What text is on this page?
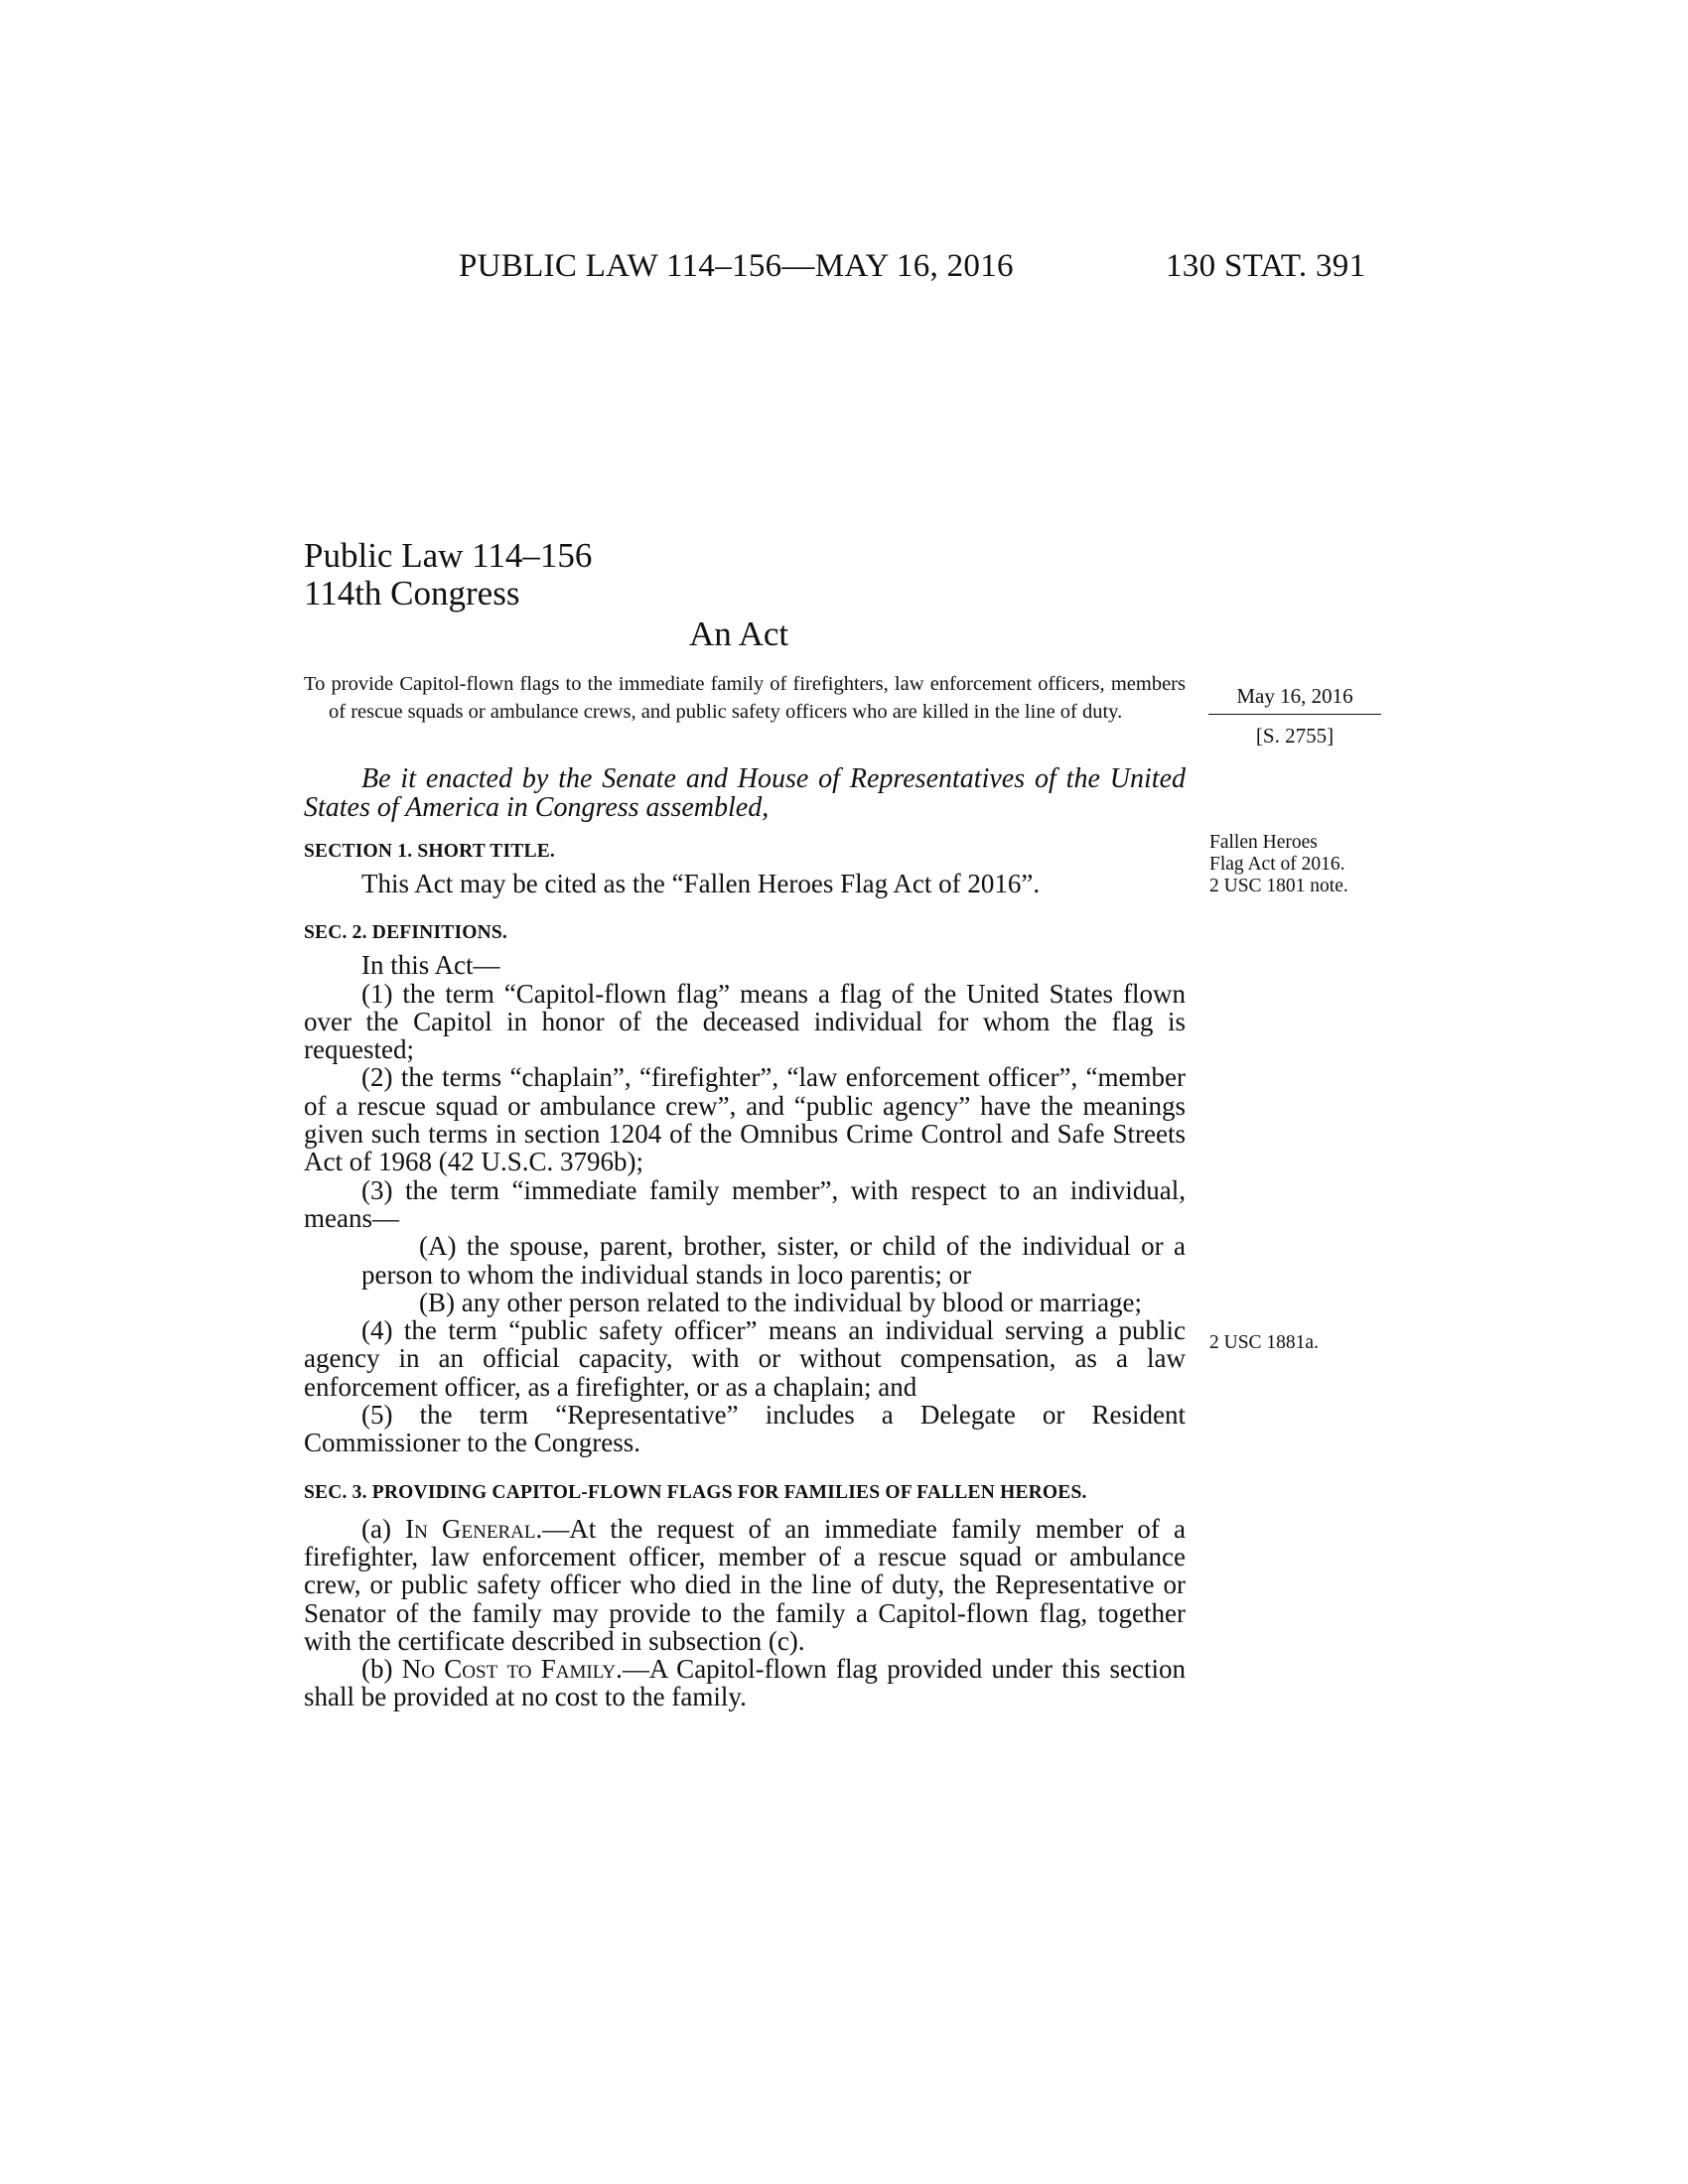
PUBLIC LAW 114–156—MAY 16, 2016	130 STAT. 391
Public Law 114–156
114th Congress
An Act
To provide Capitol-flown flags to the immediate family of firefighters, law enforcement officers, members of rescue squads or ambulance crews, and public safety officers who are killed in the line of duty.
May 16, 2016
[S. 2755]
Fallen Heroes
Flag Act of 2016.
2 USC 1801 note.
2 USC 1881a.

Be it enacted by the Senate and House of Representatives of the United States of America in Congress assembled,

SECTION 1. SHORT TITLE.

This Act may be cited as the “Fallen Heroes Flag Act of 2016”.

SEC. 2. DEFINITIONS.

In this Act—

(1) the term “Capitol-flown flag” means a flag of the United States flown over the Capitol in honor of the deceased individual for whom the flag is requested;

(2) the terms “chaplain”, “firefighter”, “law enforcement officer”, “member of a rescue squad or ambulance crew”, and “public agency” have the meanings given such terms in section 1204 of the Omnibus Crime Control and Safe Streets Act of 1968 (42 U.S.C. 3796b);

(3) the term “immediate family member”, with respect to an individual, means—

(A) the spouse, parent, brother, sister, or child of the individual or a person to whom the individual stands in loco parentis; or

(B) any other person related to the individual by blood or marriage;

(4) the term “public safety officer” means an individual serving a public agency in an official capacity, with or without compensation, as a law enforcement officer, as a firefighter, or as a chaplain; and

(5) the term “Representative” includes a Delegate or Resident Commissioner to the Congress.

SEC. 3. PROVIDING CAPITOL-FLOWN FLAGS FOR FAMILIES OF FALLEN HEROES.

(a) In General.—At the request of an immediate family member of a firefighter, law enforcement officer, member of a rescue squad or ambulance crew, or public safety officer who died in the line of duty, the Representative or Senator of the family may provide to the family a Capitol-flown flag, together with the certificate described in subsection (c).

(b) No Cost to Family.—A Capitol-flown flag provided under this section shall be provided at no cost to the family.
